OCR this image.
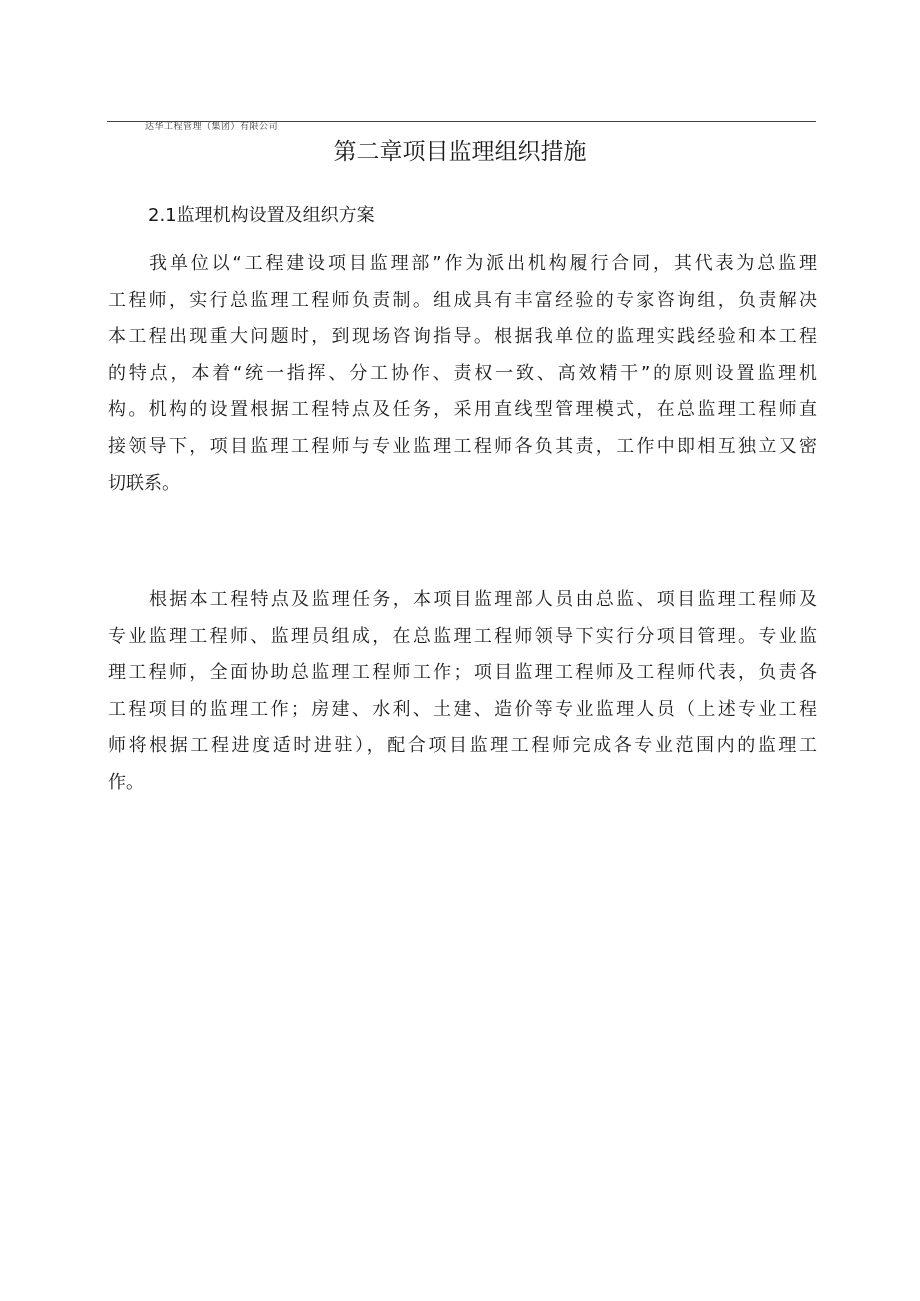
达华工程管理（集团）有限公司
第二章项目监理组织措施
2.1监理机构设置及组织方案
我单位以“工程建设项目监理部”作为派出机构履行合同，其代表为总监理
工程师，实行总监理工程师负责制。组成具有丰富经验的专家咨询组，负责解决
本工程出现重大问题时，到现场咨询指导。根据我单位的监理实践经验和本工程
的特点，本着“统一指挥、分工协作、责权一致、高效精干”的原则设置监理机
构。机构的设置根据工程特点及任务，采用直线型管理模式，在总监理工程师直
接领导下，项目监理工程师与专业监理工程师各负其责，工作中即相互独立又密
切联系。
根据本工程特点及监理任务，本项目监理部人员由总监、项目监理工程师及
专业监理工程师、监理员组成，在总监理工程师领导下实行分项目管理。专业监
理工程师，全面协助总监理工程师工作；项目监理工程师及工程师代表，负责各
工程项目的监理工作；房建、水利、土建、造价等专业监理人员（上述专业工程
师将根据工程进度适时进驻），配合项目监理工程师完成各专业范围内的监理工
作。
